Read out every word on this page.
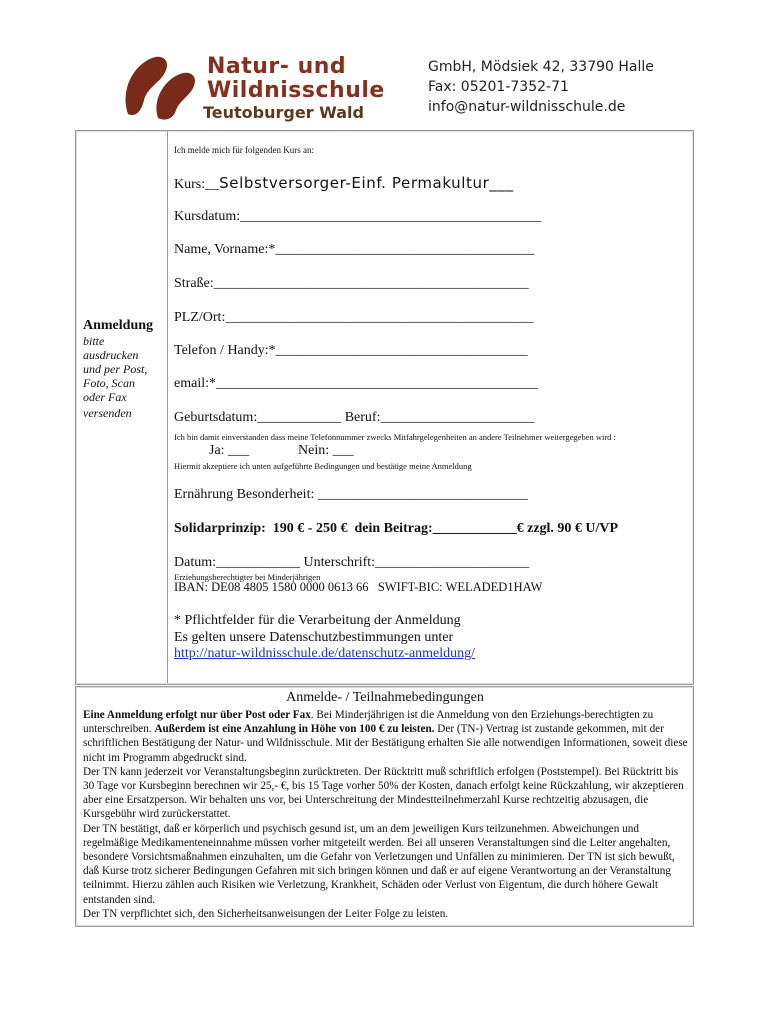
Natur- und
Wildnisschule
Teutoburger Wald
GmbH, Mödsiek 42, 33790 Halle
Fax: 05201-7352-71
info@natur-wildnisschule.de
Anmeldung
bitte
ausdrucken
und per Post,
Foto, Scan
oder Fax
versenden
Ich melde mich für folgenden Kurs an:
Kurs:__Selbstversorger-Einf. Permakultur___
Kursdatum:___________________________________________
Name, Vorname:*_____________________________________
Straße:_____________________________________________
PLZ/Ort:____________________________________________
Telefon / Handy:*____________________________________
email:*______________________________________________
Geburtsdatum:____________ Beruf:______________________
Ich bin damit einverstanden dass meine Telefonnummer zwecks Mitfahrgelegenheiten an andere Teilnehmer weitergegeben wird :
Ja: ___              Nein: ___
Hiermit akzeptiere ich unten aufgeführte Bedingungen und bestätige meine Anmeldung
Ernährung Besonderheit: ______________________________
Solidarprinzip:  190 € - 250 €  dein Beitrag:____________€ zzgl. 90 € U/VP
Datum:____________ Unterschrift:______________________
Erziehungsberechtigter bei Minderjährigen
IBAN: DE08 4805 1580 0000 0613 66   SWIFT-BIC: WELADED1HAW
* Pflichtfelder für die Verarbeitung der Anmeldung
Es gelten unsere Datenschutzbestimmungen unter
http://natur-wildnisschule.de/datenschutz-anmeldung/
Anmelde- / Teilnahmebedingungen

Eine Anmeldung erfolgt nur über Post oder Fax. Bei Minderjährigen ist die Anmeldung von den Erziehungs-berechtigten zu unterschreiben. Außerdem ist eine Anzahlung in Höhe von 100 € zu leisten. Der (TN-) Vertrag ist zustande gekommen, mit der schriftlichen Bestätigung der Natur- und Wildnisschule. Mit der Bestätigung erhalten Sie alle notwendigen Informationen, soweit diese nicht im Programm abgedruckt sind.

Der TN kann jederzeit vor Veranstaltungsbeginn zurücktreten. Der Rücktritt muß schriftlich erfolgen (Poststempel). Bei Rücktritt bis 30 Tage vor Kursbeginn berechnen wir 25,- €, bis 15 Tage vorher 50% der Kosten, danach erfolgt keine Rückzahlung, wir akzeptieren aber eine Ersatzperson. Wir behalten uns vor, bei Unterschreitung der Mindestteilnehmerzahl Kurse rechtzeitig abzusagen, die Kursgebühr wird zurückerstattet.

Der TN bestätigt, daß er körperlich und psychisch gesund ist, um an dem jeweiligen Kurs teilzunehmen. Abweichungen und regelmäßige Medikamenteneinnahme müssen vorher mitgeteilt werden. Bei all unseren Veranstaltungen sind die Leiter angehalten, besondere Vorsichtsmaßnahmen einzuhalten, um die Gefahr von Verletzungen und Unfällen zu minimieren. Der TN ist sich bewußt, daß Kurse trotz sicherer Bedingungen Gefahren mit sich bringen können und daß er auf eigene Verantwortung an der Veranstaltung teilnimmt. Hierzu zählen auch Risiken wie Verletzung, Krankheit, Schäden oder Verlust von Eigentum, die durch höhere Gewalt entstanden sind.

Der TN verpflichtet sich, den Sicherheitsanweisungen der Leiter Folge zu leisten.
